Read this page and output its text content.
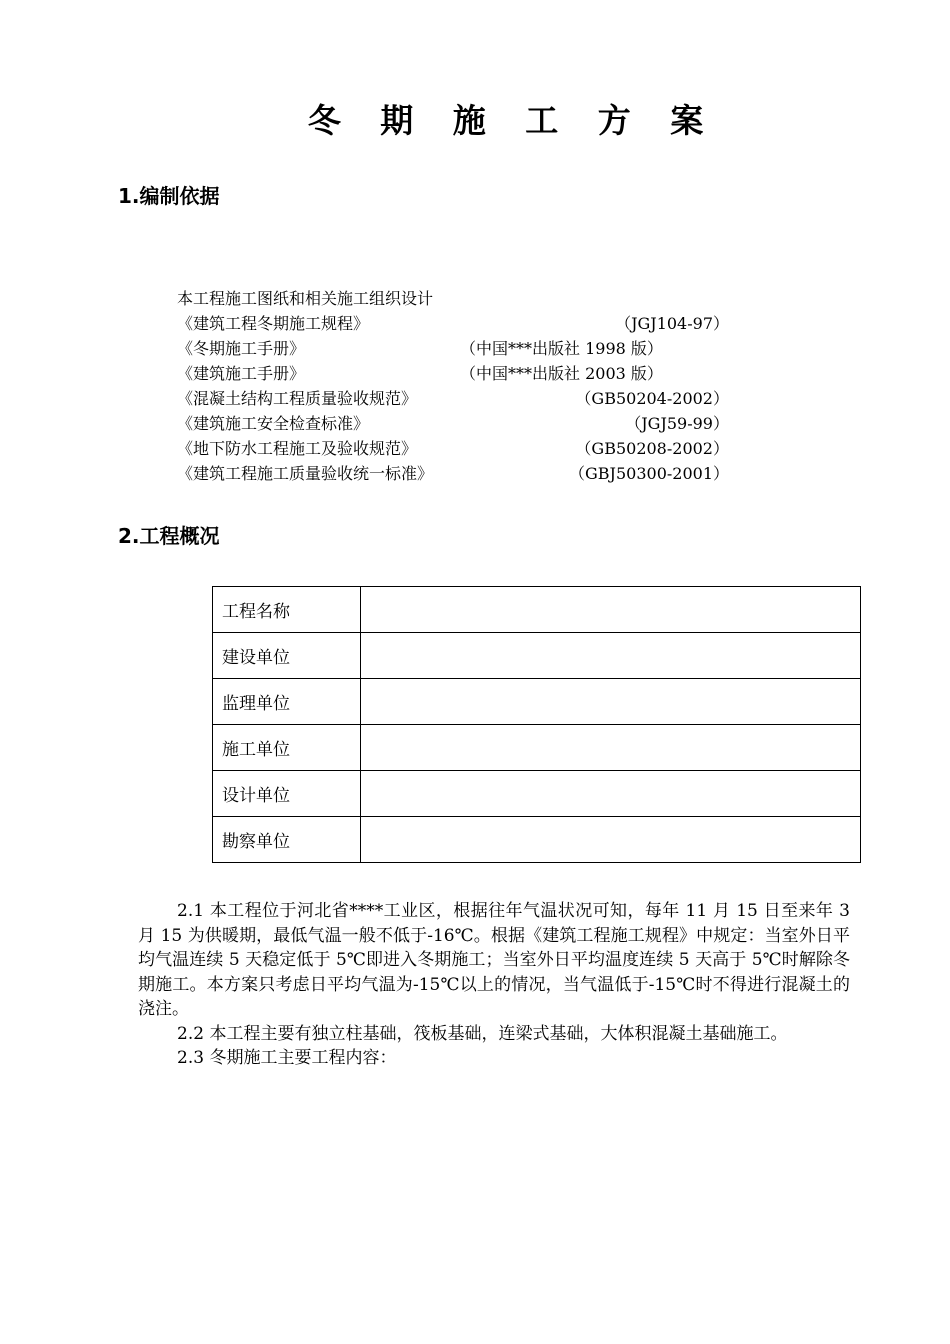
冬 期 施 工 方 案
1.编制依据
本工程施工图纸和相关施工组织设计
《建筑工程冬期施工规程》	（JGJ104-97）
《冬期施工手册》	（中国***出版社 1998 版）
《建筑施工手册》	（中国***出版社 2003 版）
《混凝土结构工程质量验收规范》	（GB50204-2002）
《建筑施工安全检查标准》	（JGJ59-99）
《地下防水工程施工及验收规范》	（GB50208-2002）
《建筑工程施工质量验收统一标准》	（GBJ50300-2001）
2.工程概况
工程名称	
建设单位	
监理单位	
施工单位	
设计单位	
勘察单位	

2.1 本工程位于河北省****工业区，根据往年气温状况可知，每年 11 月 15 日至来年 3 月 15 为供暖期，最低气温一般不低于-16℃。根据《建筑工程施工规程》中规定：当室外日平均气温连续 5 天稳定低于 5℃即进入冬期施工；当室外日平均温度连续 5 天高于 5℃时解除冬期施工。本方案只考虑日平均气温为-15℃以上的情况，当气温低于-15℃时不得进行混凝土的浇注。

2.2 本工程主要有独立柱基础，筏板基础，连梁式基础，大体积混凝土基础施工。

2.3 冬期施工主要工程内容：
